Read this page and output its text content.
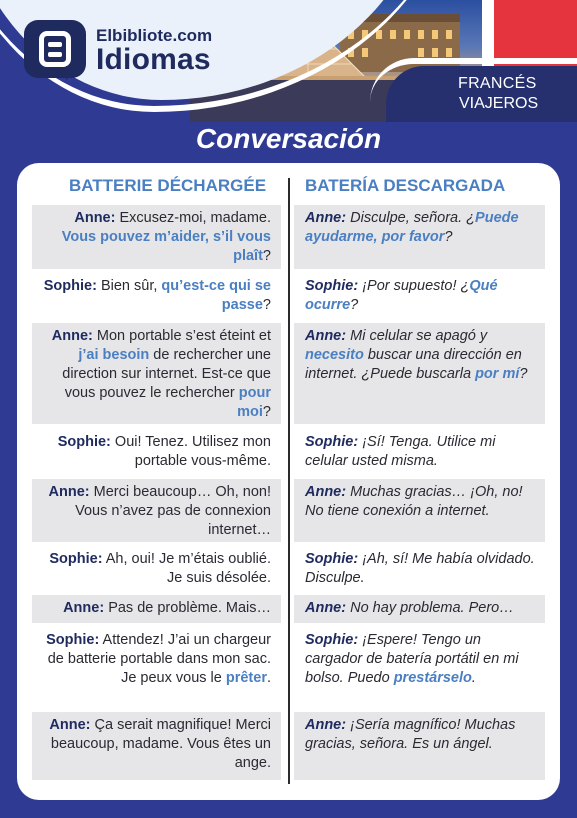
Elbibliote.com
Idiomas
FRANCÉS
VIAJEROS
Conversación
BATTERIE DÉCHARGÉE	BATERÍA DESCARGADA
Anne: Excusez-moi, madame. Vous pouvez m’aider, s’il vous plaît?
Anne: Disculpe, señora. ¿Puede ayudarme, por favor?
Sophie: Bien sûr, qu’est-ce qui se passe?
Sophie: ¡Por supuesto! ¿Qué ocurre?
Anne: Mon portable s’est éteint et j’ai besoin de rechercher une direction sur internet. Est-ce que vous pouvez le rechercher pour moi?
Anne: Mi celular se apagó y necesito buscar una dirección en internet. ¿Puede buscarla por mí?
Sophie: Oui! Tenez. Utilisez mon portable vous-même.
Sophie: ¡Sí! Tenga. Utilice mi celular usted misma.
Anne: Merci beaucoup… Oh, non! Vous n’avez pas de connexion internet…
Anne: Muchas gracias… ¡Oh, no! No tiene conexión a internet.
Sophie: Ah, oui! Je m’étais oublié. Je suis désolée.
Sophie: ¡Ah, sí! Me había olvidado. Disculpe.
Anne: Pas de problème. Mais…	Anne: No hay problema. Pero…
Sophie: Attendez! J’ai un chargeur de batterie portable dans mon sac. Je peux vous le prêter.
Sophie: ¡Espere! Tengo un cargador de batería portátil en mi bolso. Puedo prestárselo.
Anne: Ça serait magnifique! Merci beaucoup, madame. Vous êtes un ange.
Anne: ¡Sería magnífico! Muchas gracias, señora. Es un ángel.
